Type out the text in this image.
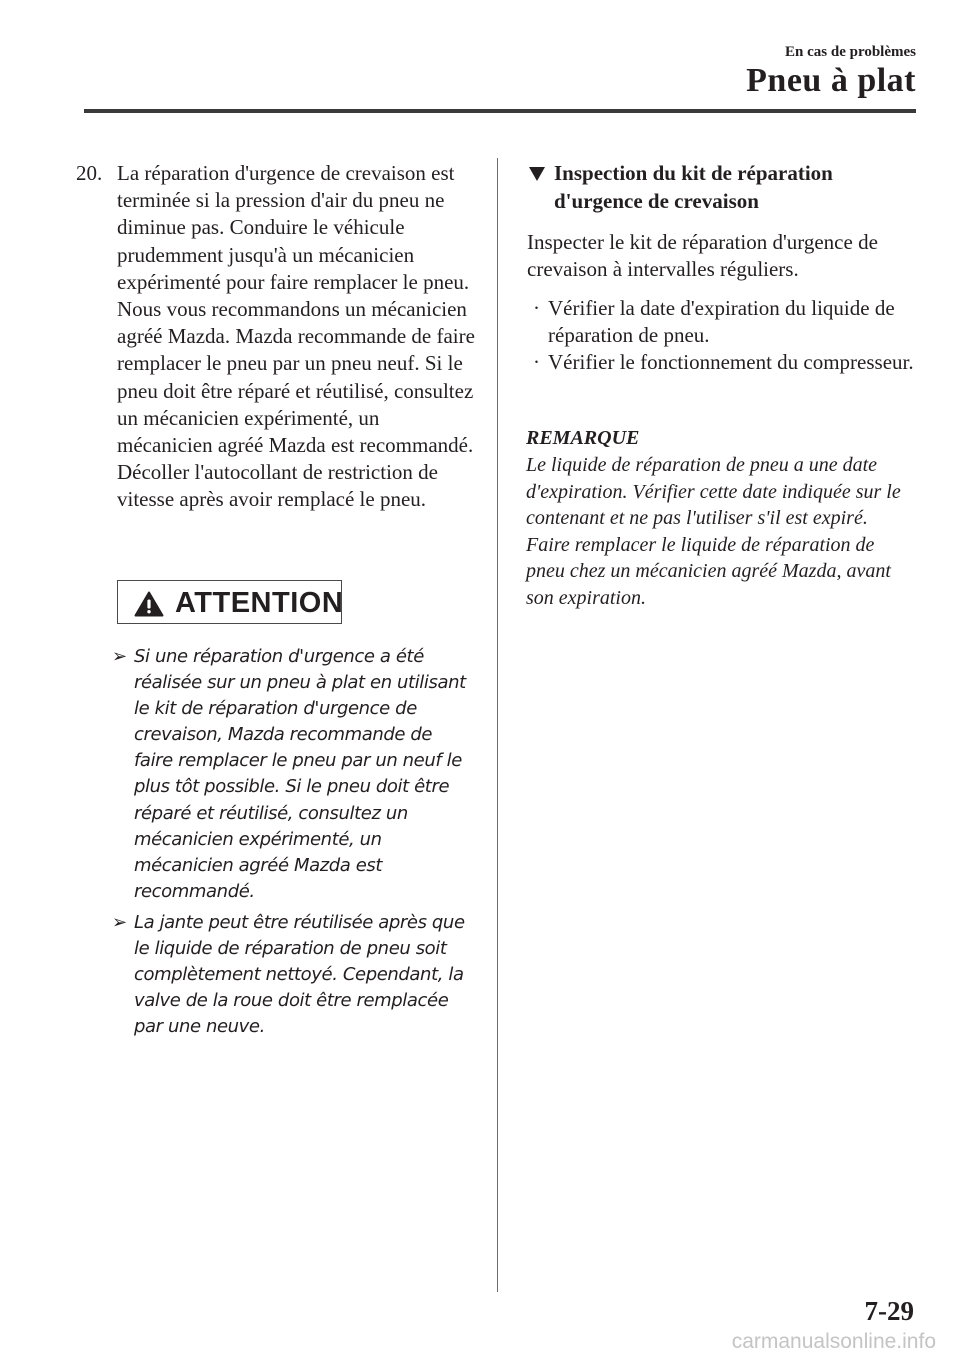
En cas de problèmes
Pneu à plat
20. La réparation d'urgence de crevaison est terminée si la pression d'air du pneu ne diminue pas. Conduire le véhicule prudemment jusqu'à un mécanicien expérimenté pour faire remplacer le pneu. Nous vous recommandons un mécanicien agréé Mazda. Mazda recommande de faire remplacer le pneu par un pneu neuf. Si le pneu doit être réparé et réutilisé, consultez un mécanicien expérimenté, un mécanicien agréé Mazda est recommandé.
Décoller l'autocollant de restriction de vitesse après avoir remplacé le pneu.
ATTENTION
➢ Si une réparation d'urgence a été réalisée sur un pneu à plat en utilisant le kit de réparation d'urgence de crevaison, Mazda recommande de faire remplacer le pneu par un neuf le plus tôt possible. Si le pneu doit être réparé et réutilisé, consultez un mécanicien expérimenté, un mécanicien agréé Mazda est recommandé.
➢ La jante peut être réutilisée après que le liquide de réparation de pneu soit complètement nettoyé. Cependant, la valve de la roue doit être remplacée par une neuve.
Inspection du kit de réparation d'urgence de crevaison
Inspecter le kit de réparation d'urgence de crevaison à intervalles réguliers.
· Vérifier la date d'expiration du liquide de réparation de pneu.
· Vérifier le fonctionnement du compresseur.
REMARQUE
Le liquide de réparation de pneu a une date d'expiration. Vérifier cette date indiquée sur le contenant et ne pas l'utiliser s'il est expiré. Faire remplacer le liquide de réparation de pneu chez un mécanicien agréé Mazda, avant son expiration.
7-29
carmanualsonline.info
